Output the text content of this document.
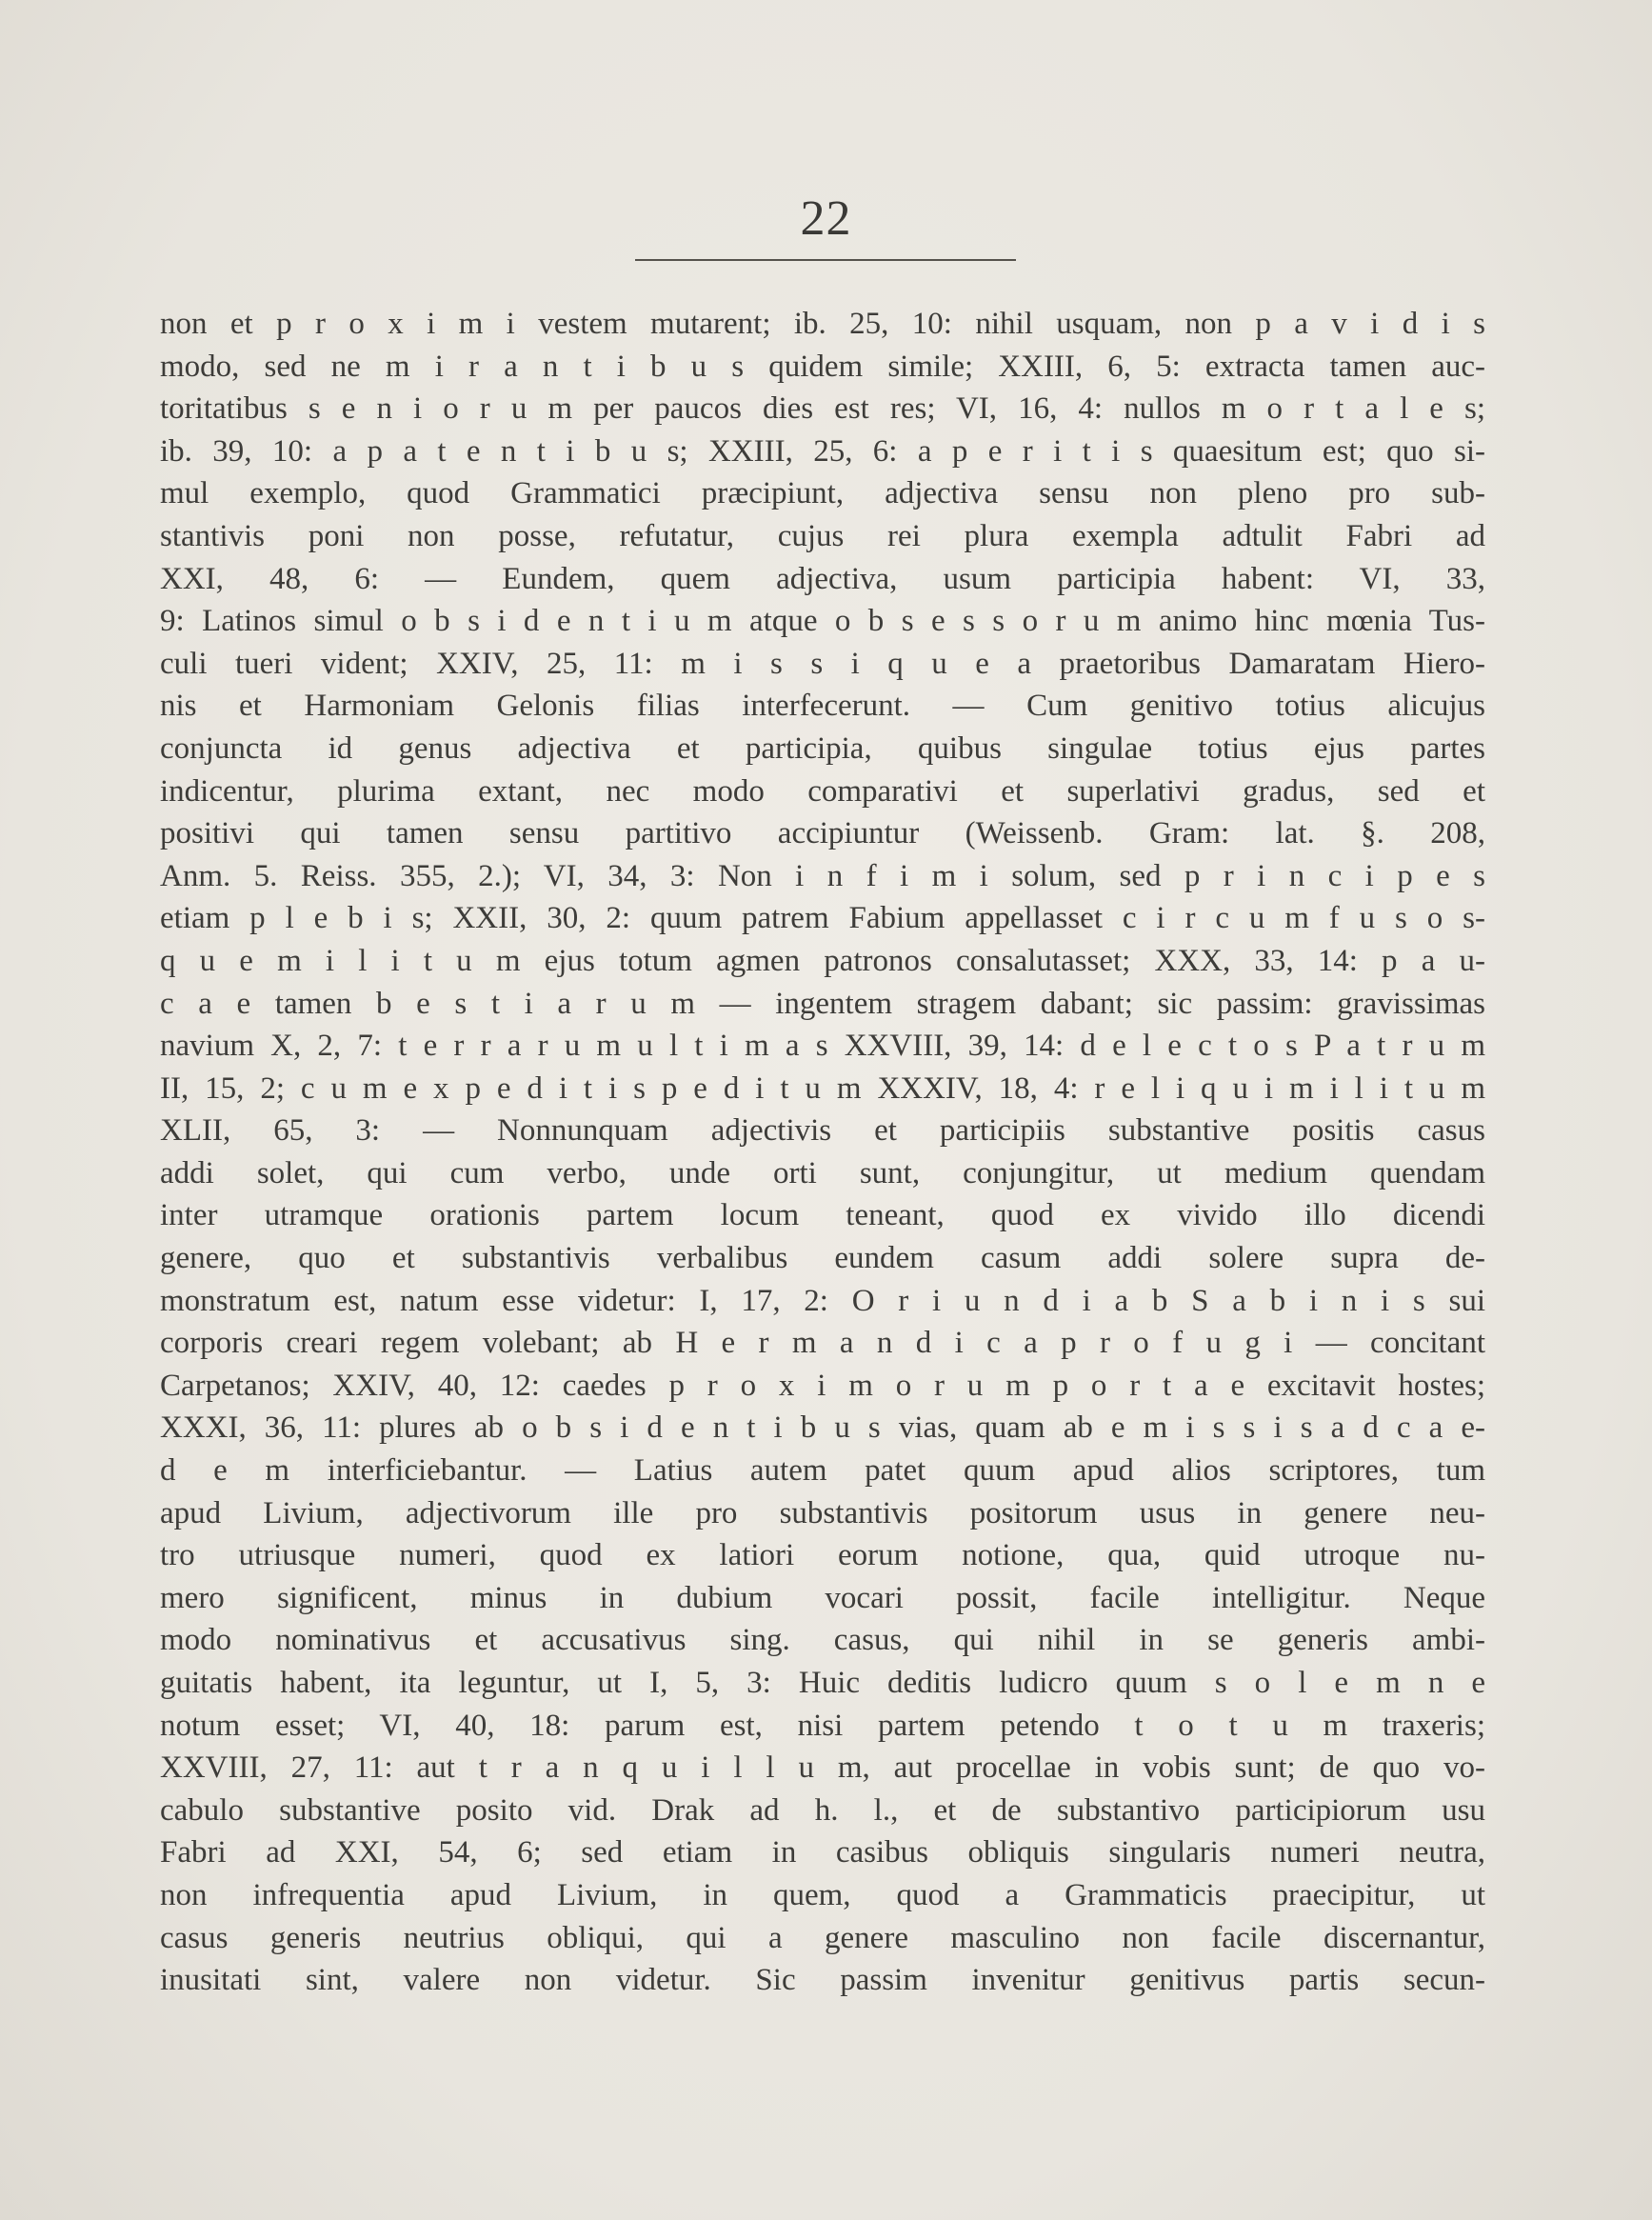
22
non et p r o x i m i vestem mutarent; ib. 25, 10: nihil usquam, non p a v i d i s
modo, sed ne m i r a n t i b u s quidem simile; XXIII, 6, 5: extracta tamen auc-
toritatibus s e n i o r u m per paucos dies est res; VI, 16, 4: nullos m o r t a l e s;
ib. 39, 10: a p a t e n t i b u s; XXIII, 25, 6: a p e r i t i s quaesitum est; quo si-
mul exemplo, quod Grammatici præcipiunt, adjectiva sensu non pleno pro sub-
stantivis poni non posse, refutatur, cujus rei plura exempla adtulit Fabri ad
XXI, 48, 6: — Eundem, quem adjectiva, usum participia habent: VI, 33,
9: Latinos simul o b s i d e n t i u m atque o b s e s s o r u m animo hinc mœnia Tus-
culi tueri vident; XXIV, 25, 11: m i s s i q u e a praetoribus Damaratam Hiero-
nis et Harmoniam Gelonis filias interfecerunt. — Cum genitivo totius alicujus
conjuncta id genus adjectiva et participia, quibus singulae totius ejus partes
indicentur, plurima extant, nec modo comparativi et superlativi gradus, sed et
positivi qui tamen sensu partitivo accipiuntur (Weissenb. Gram: lat. §. 208,
Anm. 5. Reiss. 355, 2.); VI, 34, 3: Non i n f i m i solum, sed p r i n c i p e s
etiam p l e b i s; XXII, 30, 2: quum patrem Fabium appellasset c i r c u m f u s o s-
q u e m i l i t u m ejus totum agmen patronos consalutasset; XXX, 33, 14: p a u-
c a e tamen b e s t i a r u m — ingentem stragem dabant; sic passim: gravissimas
navium X, 2, 7: t e r r a r u m u l t i m a s XXVIII, 39, 14: d e l e c t o s P a t r u m
II, 15, 2; c u m e x p e d i t i s p e d i t u m XXXIV, 18, 4: r e l i q u i m i l i t u m
XLII, 65, 3: — Nonnunquam adjectivis et participiis substantive positis casus
addi solet, qui cum verbo, unde orti sunt, conjungitur, ut medium quendam
inter utramque orationis partem locum teneant, quod ex vivido illo dicendi
genere, quo et substantivis verbalibus eundem casum addi solere supra de-
monstratum est, natum esse videtur: I, 17, 2: O r i u n d i a b S a b i n i s sui
corporis creari regem volebant; ab H e r m a n d i c a p r o f u g i — concitant
Carpetanos; XXIV, 40, 12: caedes p r o x i m o r u m p o r t a e excitavit hostes;
XXXI, 36, 11: plures ab o b s i d e n t i b u s vias, quam ab e m i s s i s a d c a e-
d e m interficiebantur. — Latius autem patet quum apud alios scriptores, tum
apud Livium, adjectivorum ille pro substantivis positorum usus in genere neu-
tro utriusque numeri, quod ex latiori eorum notione, qua, quid utroque nu-
mero significent, minus in dubium vocari possit, facile intelligitur. Neque
modo nominativus et accusativus sing. casus, qui nihil in se generis ambi-
guitatis habent, ita leguntur, ut I, 5, 3: Huic deditis ludicro quum s o l e m n e
notum esset; VI, 40, 18: parum est, nisi partem petendo t o t u m traxeris;
XXVIII, 27, 11: aut t r a n q u i l l u m, aut procellae in vobis sunt; de quo vo-
cabulo substantive posito vid. Drak ad h. l., et de substantivo participiorum usu
Fabri ad XXI, 54, 6; sed etiam in casibus obliquis singularis numeri neutra,
non infrequentia apud Livium, in quem, quod a Grammaticis praecipitur, ut
casus generis neutrius obliqui, qui a genere masculino non facile discernantur,
inusitati sint, valere non videtur. Sic passim invenitur genitivus partis secun-
